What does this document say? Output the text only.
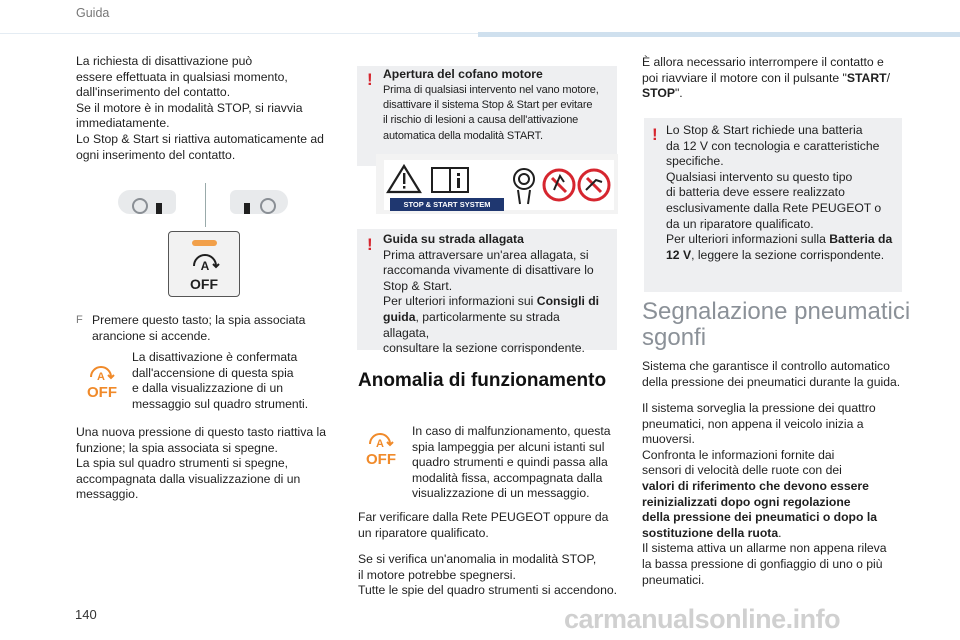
Guida

La richiesta di disattivazione può

essere effettuata in qualsiasi momento,

dall'inserimento del contatto.

Se il motore è in modalità STOP, si riavvia

immediatamente.

Lo Stop & Start si riattiva automaticamente ad

ogni inserimento del contatto.

A
OFF
F Premere questo tasto; la spia associata arancione si accende.
A
OFF

La disattivazione è confermata

dall'accensione di questa spia

e dalla visualizzazione di un

messaggio sul quadro strumenti.

Una nuova pressione di questo tasto riattiva la

funzione; la spia associata si spegne.

La spia sul quadro strumenti si spegne,

accompagnata dalla visualizzazione di un

messaggio.

! Apertura del cofano motore

Prima di qualsiasi intervento nel vano motore,

disattivare il sistema Stop & Start per evitare

il rischio di lesioni a causa dell'attivazione

automatica della modalità START.

STOP & START SYSTEM
! Guida su strada allagata

Prima attraversare un'area allagata, si

raccomanda vivamente di disattivare lo

Stop & Start.

Per ulteriori informazioni sui Consigli di

guida, particolarmente su strada allagata,

consultare la sezione corrispondente.

Anomalia di funzionamento
A
OFF

In caso di malfunzionamento, questa

spia lampeggia per alcuni istanti sul

quadro strumenti e quindi passa alla

modalità fissa, accompagnata dalla

visualizzazione di un messaggio.

Far verificare dalla Rete PEUGEOT oppure da

un riparatore qualificato.

Se si verifica un'anomalia in modalità STOP,

il motore potrebbe spegnersi.

Tutte le spie del quadro strumenti si accendono.

È allora necessario interrompere il contatto e

poi riavviare il motore con il pulsante "START/

STOP".

! Lo Stop & Start richiede una batteria

da 12 V con tecnologia e caratteristiche

specifiche.

Qualsiasi intervento su questo tipo

di batteria deve essere realizzato

esclusivamente dalla Rete PEUGEOT o

da un riparatore qualificato.

Per ulteriori informazioni sulla Batteria da

12 V, leggere la sezione corrispondente.

Segnalazione pneumatici
sgonfi

Sistema che garantisce il controllo automatico

della pressione dei pneumatici durante la guida.

Il sistema sorveglia la pressione dei quattro

pneumatici, non appena il veicolo inizia a

muoversi.

Confronta le informazioni fornite dai

sensori di velocità delle ruote con dei

valori di riferimento che devono essere

reinizializzati dopo ogni regolazione

della pressione dei pneumatici o dopo la

sostituzione della ruota.

Il sistema attiva un allarme non appena rileva

la bassa pressione di gonfiaggio di uno o più

pneumatici.

140	carmanualsonline.info
